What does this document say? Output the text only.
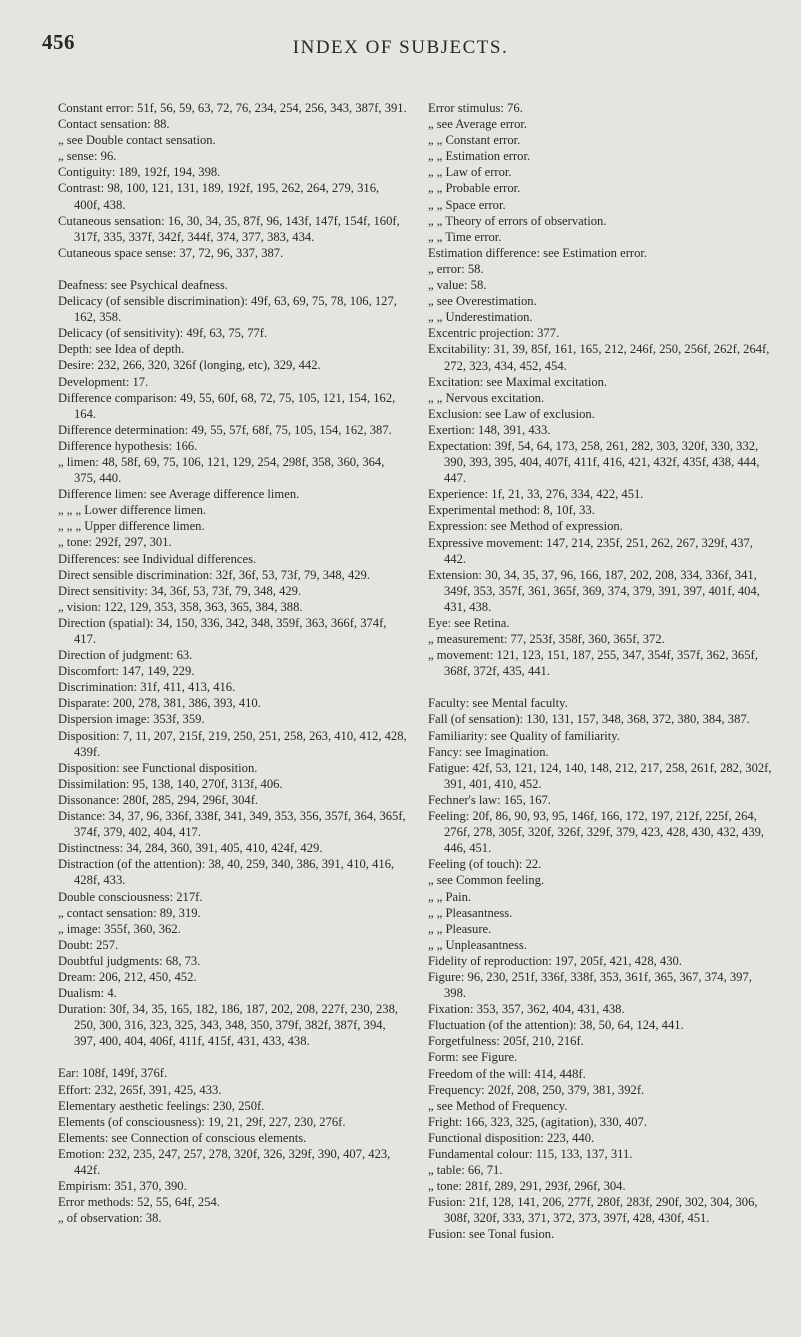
456	INDEX OF SUBJECTS.

Constant error: 51f, 56, 59, 63, 72, 76, 234, 254, 256, 343, 387f, 391.

Contact sensation: 88.

„ see Double contact sensation.

„ sense: 96.

Contiguity: 189, 192f, 194, 398.

Contrast: 98, 100, 121, 131, 189, 192f, 195, 262, 264, 279, 316, 400f, 438.

Cutaneous sensation: 16, 30, 34, 35, 87f, 96, 143f, 147f, 154f, 160f, 317f, 335, 337f, 342f, 344f, 374, 377, 383, 434.

Cutaneous space sense: 37, 72, 96, 337, 387.

Deafness: see Psychical deafness.

Delicacy (of sensible discrimination): 49f, 63, 69, 75, 78, 106, 127, 162, 358.

Delicacy (of sensitivity): 49f, 63, 75, 77f.

Depth: see Idea of depth.

Desire: 232, 266, 320, 326f (longing, etc), 329, 442.

Development: 17.

Difference comparison: 49, 55, 60f, 68, 72, 75, 105, 121, 154, 162, 164.

Difference determination: 49, 55, 57f, 68f, 75, 105, 154, 162, 387.

Difference hypothesis: 166.

„ limen: 48, 58f, 69, 75, 106, 121, 129, 254, 298f, 358, 360, 364, 375, 440.

Difference limen: see Average difference limen.

„ „ „ Lower difference limen.

„ „ „ Upper difference limen.

„ tone: 292f, 297, 301.

Differences: see Individual differences.

Direct sensible discrimination: 32f, 36f, 53, 73f, 79, 348, 429.

Direct sensitivity: 34, 36f, 53, 73f, 79, 348, 429.

„ vision: 122, 129, 353, 358, 363, 365, 384, 388.

Direction (spatial): 34, 150, 336, 342, 348, 359f, 363, 366f, 374f, 417.

Direction of judgment: 63.

Discomfort: 147, 149, 229.

Discrimination: 31f, 411, 413, 416.

Disparate: 200, 278, 381, 386, 393, 410.

Dispersion image: 353f, 359.

Disposition: 7, 11, 207, 215f, 219, 250, 251, 258, 263, 410, 412, 428, 439f.

Disposition: see Functional disposition.

Dissimilation: 95, 138, 140, 270f, 313f, 406.

Dissonance: 280f, 285, 294, 296f, 304f.

Distance: 34, 37, 96, 336f, 338f, 341, 349, 353, 356, 357f, 364, 365f, 374f, 379, 402, 404, 417.

Distinctness: 34, 284, 360, 391, 405, 410, 424f, 429.

Distraction (of the attention): 38, 40, 259, 340, 386, 391, 410, 416, 428f, 433.

Double consciousness: 217f.

„ contact sensation: 89, 319.

„ image: 355f, 360, 362.

Doubt: 257.

Doubtful judgments: 68, 73.

Dream: 206, 212, 450, 452.

Dualism: 4.

Duration: 30f, 34, 35, 165, 182, 186, 187, 202, 208, 227f, 230, 238, 250, 300, 316, 323, 325, 343, 348, 350, 379f, 382f, 387f, 394, 397, 400, 404, 406f, 411f, 415f, 431, 433, 438.

Ear: 108f, 149f, 376f.

Effort: 232, 265f, 391, 425, 433.

Elementary aesthetic feelings: 230, 250f.

Elements (of consciousness): 19, 21, 29f, 227, 230, 276f.

Elements: see Connection of conscious elements.

Emotion: 232, 235, 247, 257, 278, 320f, 326, 329f, 390, 407, 423, 442f.

Empirism: 351, 370, 390.

Error methods: 52, 55, 64f, 254.

„ of observation: 38.

Error stimulus: 76.

„ see Average error.

„ „ Constant error.

„ „ Estimation error.

„ „ Law of error.

„ „ Probable error.

„ „ Space error.

„ „ Theory of errors of observation.

„ „ Time error.

Estimation difference: see Estimation error.

„ error: 58.

„ value: 58.

„ see Overestimation.

„ „ Underestimation.

Excentric projection: 377.

Excitability: 31, 39, 85f, 161, 165, 212, 246f, 250, 256f, 262f, 264f, 272, 323, 434, 452, 454.

Excitation: see Maximal excitation.

„ „ Nervous excitation.

Exclusion: see Law of exclusion.

Exertion: 148, 391, 433.

Expectation: 39f, 54, 64, 173, 258, 261, 282, 303, 320f, 330, 332, 390, 393, 395, 404, 407f, 411f, 416, 421, 432f, 435f, 438, 444, 447.

Experience: 1f, 21, 33, 276, 334, 422, 451.

Experimental method: 8, 10f, 33.

Expression: see Method of expression.

Expressive movement: 147, 214, 235f, 251, 262, 267, 329f, 437, 442.

Extension: 30, 34, 35, 37, 96, 166, 187, 202, 208, 334, 336f, 341, 349f, 353, 357f, 361, 365f, 369, 374, 379, 391, 397, 401f, 404, 431, 438.

Eye: see Retina.

„ measurement: 77, 253f, 358f, 360, 365f, 372.

„ movement: 121, 123, 151, 187, 255, 347, 354f, 357f, 362, 365f, 368f, 372f, 435, 441.

Faculty: see Mental faculty.

Fall (of sensation): 130, 131, 157, 348, 368, 372, 380, 384, 387.

Familiarity: see Quality of familiarity.

Fancy: see Imagination.

Fatigue: 42f, 53, 121, 124, 140, 148, 212, 217, 258, 261f, 282, 302f, 391, 401, 410, 452.

Fechner's law: 165, 167.

Feeling: 20f, 86, 90, 93, 95, 146f, 166, 172, 197, 212f, 225f, 264, 276f, 278, 305f, 320f, 326f, 329f, 379, 423, 428, 430, 432, 439, 446, 451.

Feeling (of touch): 22.

„ see Common feeling.

„ „ Pain.

„ „ Pleasantness.

„ „ Pleasure.

„ „ Unpleasantness.

Fidelity of reproduction: 197, 205f, 421, 428, 430.

Figure: 96, 230, 251f, 336f, 338f, 353, 361f, 365, 367, 374, 397, 398.

Fixation: 353, 357, 362, 404, 431, 438.

Fluctuation (of the attention): 38, 50, 64, 124, 441.

Forgetfulness: 205f, 210, 216f.

Form: see Figure.

Freedom of the will: 414, 448f.

Frequency: 202f, 208, 250, 379, 381, 392f.

„ see Method of Frequency.

Fright: 166, 323, 325, (agitation), 330, 407.

Functional disposition: 223, 440.

Fundamental colour: 115, 133, 137, 311.

„ table: 66, 71.

„ tone: 281f, 289, 291, 293f, 296f, 304.

Fusion: 21f, 128, 141, 206, 277f, 280f, 283f, 290f, 302, 304, 306, 308f, 320f, 333, 371, 372, 373, 397f, 428, 430f, 451.

Fusion: see Tonal fusion.
